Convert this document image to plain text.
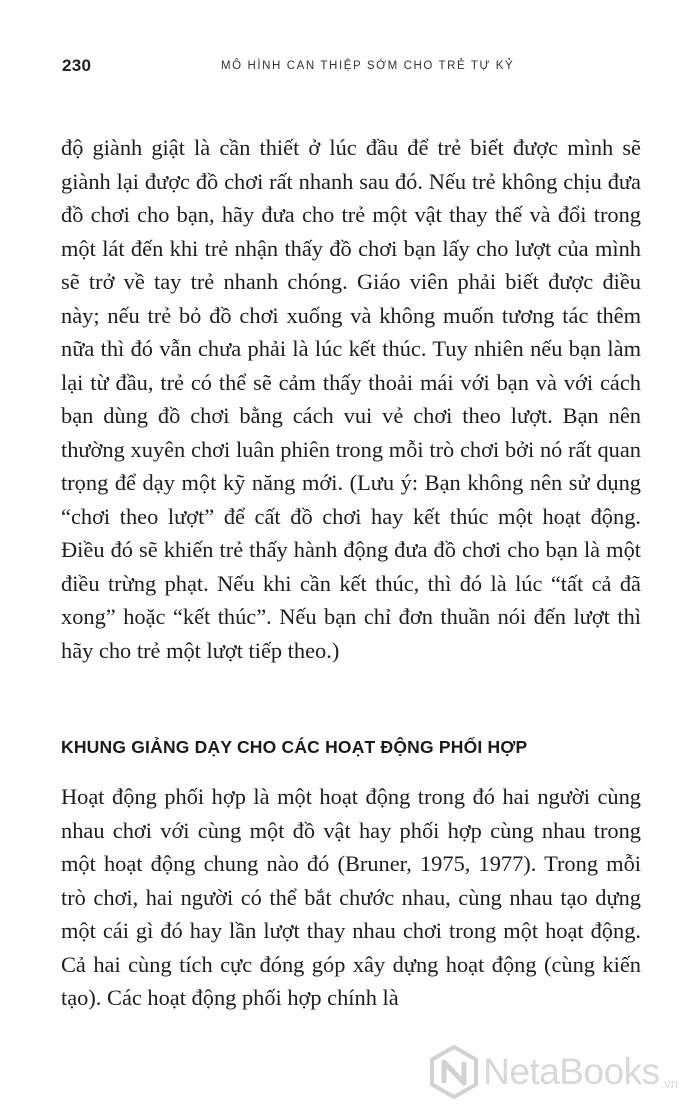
230	MÔ HÌNH CAN THIỆP SỚM CHO TRẺ TỰ KỶ

độ giành giật là cần thiết ở lúc đầu để trẻ biết được mình sẽ giành lại được đồ chơi rất nhanh sau đó. Nếu trẻ không chịu đưa đồ chơi cho bạn, hãy đưa cho trẻ một vật thay thế và đổi trong một lát đến khi trẻ nhận thấy đồ chơi bạn lấy cho lượt của mình sẽ trở về tay trẻ nhanh chóng. Giáo viên phải biết được điều này; nếu trẻ bỏ đồ chơi xuống và không muốn tương tác thêm nữa thì đó vẫn chưa phải là lúc kết thúc. Tuy nhiên nếu bạn làm lại từ đầu, trẻ có thể sẽ cảm thấy thoải mái với bạn và với cách bạn dùng đồ chơi bằng cách vui vẻ chơi theo lượt. Bạn nên thường xuyên chơi luân phiên trong mỗi trò chơi bởi nó rất quan trọng để dạy một kỹ năng mới. (Lưu ý: Bạn không nên sử dụng “chơi theo lượt” để cất đồ chơi hay kết thúc một hoạt động. Điều đó sẽ khiến trẻ thấy hành động đưa đồ chơi cho bạn là một điều trừng phạt. Nếu khi cần kết thúc, thì đó là lúc “tất cả đã xong” hoặc “kết thúc”. Nếu bạn chỉ đơn thuần nói đến lượt thì hãy cho trẻ một lượt tiếp theo.)

KHUNG GIẢNG DẠY CHO CÁC HOẠT ĐỘNG PHỐI HỢP

Hoạt động phối hợp là một hoạt động trong đó hai người cùng nhau chơi với cùng một đồ vật hay phối hợp cùng nhau trong một hoạt động chung nào đó (Bruner, 1975, 1977). Trong mỗi trò chơi, hai người có thể bắt chước nhau, cùng nhau tạo dựng một cái gì đó hay lần lượt thay nhau chơi trong một hoạt động. Cả hai cùng tích cực đóng góp xây dựng hoạt động (cùng kiến tạo). Các hoạt động phối hợp chính là

NetaBooks .vn
